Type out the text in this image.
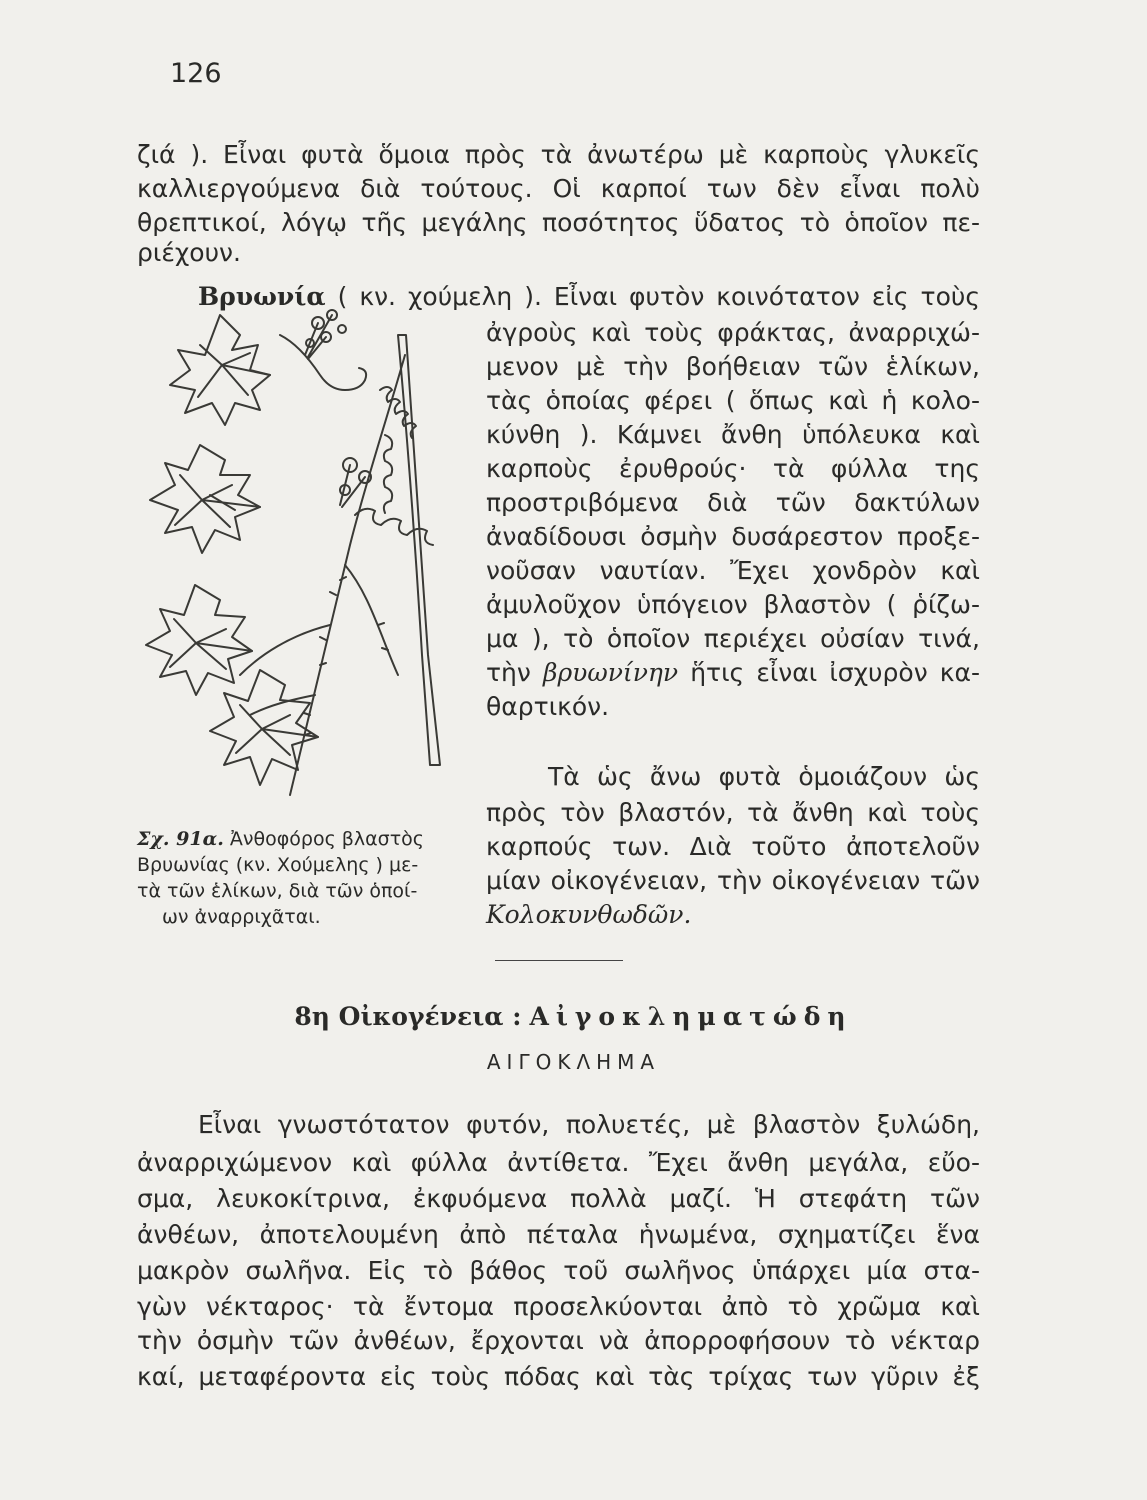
126
ζιά ). Εἶναι φυτὰ ὅμοια πρὸς τὰ ἀνωτέρω μὲ καρποὺς γλυκεῖς
καλλιεργούμενα διὰ τούτους. Οἱ καρποί των δὲν εἶναι πολὺ
θρεπτικοί, λόγῳ τῆς μεγάλης ποσότητος ὕδατος τὸ ὁποῖον πε-
ριέχουν.
Βρυωνία ( κν. χούμελη ). Εἶναι φυτὸν κοινότατον εἰς τοὺς
ἀγροὺς καὶ τοὺς φράκτας, ἀναρριχώ-
μενον μὲ τὴν βοήθειαν τῶν ἑλίκων,
τὰς ὁποίας φέρει ( ὅπως καὶ ἡ κολο-
κύνθη ). Κάμνει ἄνθη ὑπόλευκα καὶ
καρποὺς ἐρυθρούς· τὰ φύλλα της
προστριβόμενα διὰ τῶν δακτύλων
ἀναδίδουσι ὀσμὴν δυσάρεστον προξε-
νοῦσαν ναυτίαν. Ἔχει χονδρὸν καὶ
ἀμυλοῦχον ὑπόγειον βλαστὸν ( ῥίζω-
μα ), τὸ ὁποῖον περιέχει οὐσίαν τινά,
τὴν βρυωνίνην ἥτις εἶναι ἰσχυρὸν κα-
θαρτικόν.
Τὰ ὡς ἄνω φυτὰ ὁμοιάζουν ὡς
πρὸς τὸν βλαστόν, τὰ ἄνθη καὶ τοὺς
καρπούς των. Διὰ τοῦτο ἀποτελοῦν
μίαν οἰκογένειαν, τὴν οἰκογένειαν τῶν
Κολοκυνθωδῶν.
Σχ. 91α. Ἀνθοφόρος βλαστὸς
Βρυωνίας (κν. Χούμελης ) με-
τὰ τῶν ἑλίκων, διὰ τῶν ὁποί-
ων ἀναρριχᾶται.
8η Οἰκογένεια : Αἰγοκληματώδη
ΑΙΓΟΚΛΗΜΑ
Εἶναι γνωστότατον φυτόν, πολυετές, μὲ βλαστὸν ξυλώδη,
ἀναρριχώμενον καὶ φύλλα ἀντίθετα. Ἔχει ἄνθη μεγάλα, εὔο-
σμα, λευκοκίτρινα, ἐκφυόμενα πολλὰ μαζί. Ἡ στεφάτη τῶν
ἀνθέων, ἀποτελουμένη ἀπὸ πέταλα ἡνωμένα, σχηματίζει ἕνα
μακρὸν σωλῆνα. Εἰς τὸ βάθος τοῦ σωλῆνος ὑπάρχει μία στα-
γὼν νέκταρος· τὰ ἔντομα προσελκύονται ἀπὸ τὸ χρῶμα καὶ
τὴν ὀσμὴν τῶν ἀνθέων, ἔρχονται νὰ ἀπορροφήσουν τὸ νέκταρ
καί, μεταφέροντα εἰς τοὺς πόδας καὶ τὰς τρίχας των γῦριν ἐξ
